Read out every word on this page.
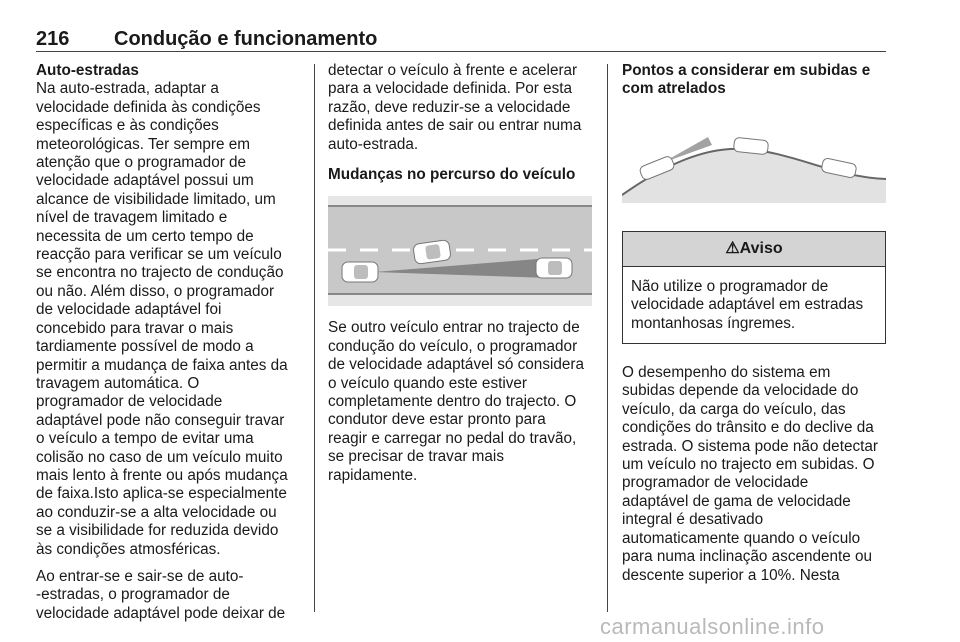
216 Condução e funcionamento

Auto-estradas

Na auto-estrada, adaptar a

velocidade definida às condições

específicas e às condições

meteorológicas. Ter sempre em

atenção que o programador de

velocidade adaptável possui um

alcance de visibilidade limitado, um

nível de travagem limitado e

necessita de um certo tempo de

reacção para verificar se um veículo

se encontra no trajecto de condução

ou não. Além disso, o programador

de velocidade adaptável foi

concebido para travar o mais

tardiamente possível de modo a

permitir a mudança de faixa antes da

travagem automática. O

programador de velocidade

adaptável pode não conseguir travar

o veículo a tempo de evitar uma

colisão no caso de um veículo muito

mais lento à frente ou após mudança

de faixa.Isto aplica-se especialmente

ao conduzir-se a alta velocidade ou

se a visibilidade for reduzida devido

às condições atmosféricas.

Ao entrar-se e sair-se de auto-

-estradas, o programador de

velocidade adaptável pode deixar de

detectar o veículo à frente e acelerar

para a velocidade definida. Por esta

razão, deve reduzir-se a velocidade

definida antes de sair ou entrar numa

auto-estrada.

Mudanças no percurso do veículo

Se outro veículo entrar no trajecto de

condução do veículo, o programador

de velocidade adaptável só considera

o veículo quando este estiver

completamente dentro do trajecto. O

condutor deve estar pronto para

reagir e carregar no pedal do travão,

se precisar de travar mais

rapidamente.

Pontos a considerar em subidas e

com atrelados

⚠Aviso

Não utilize o programador de

velocidade adaptável em estradas

montanhosas íngremes.

O desempenho do sistema em

subidas depende da velocidade do

veículo, da carga do veículo, das

condições do trânsito e do declive da

estrada. O sistema pode não detectar

um veículo no trajecto em subidas. O

programador de velocidade

adaptável de gama de velocidade

integral é desativado

automaticamente quando o veículo

para numa inclinação ascendente ou

descente superior a 10%. Nesta

carmanualsonline.info
